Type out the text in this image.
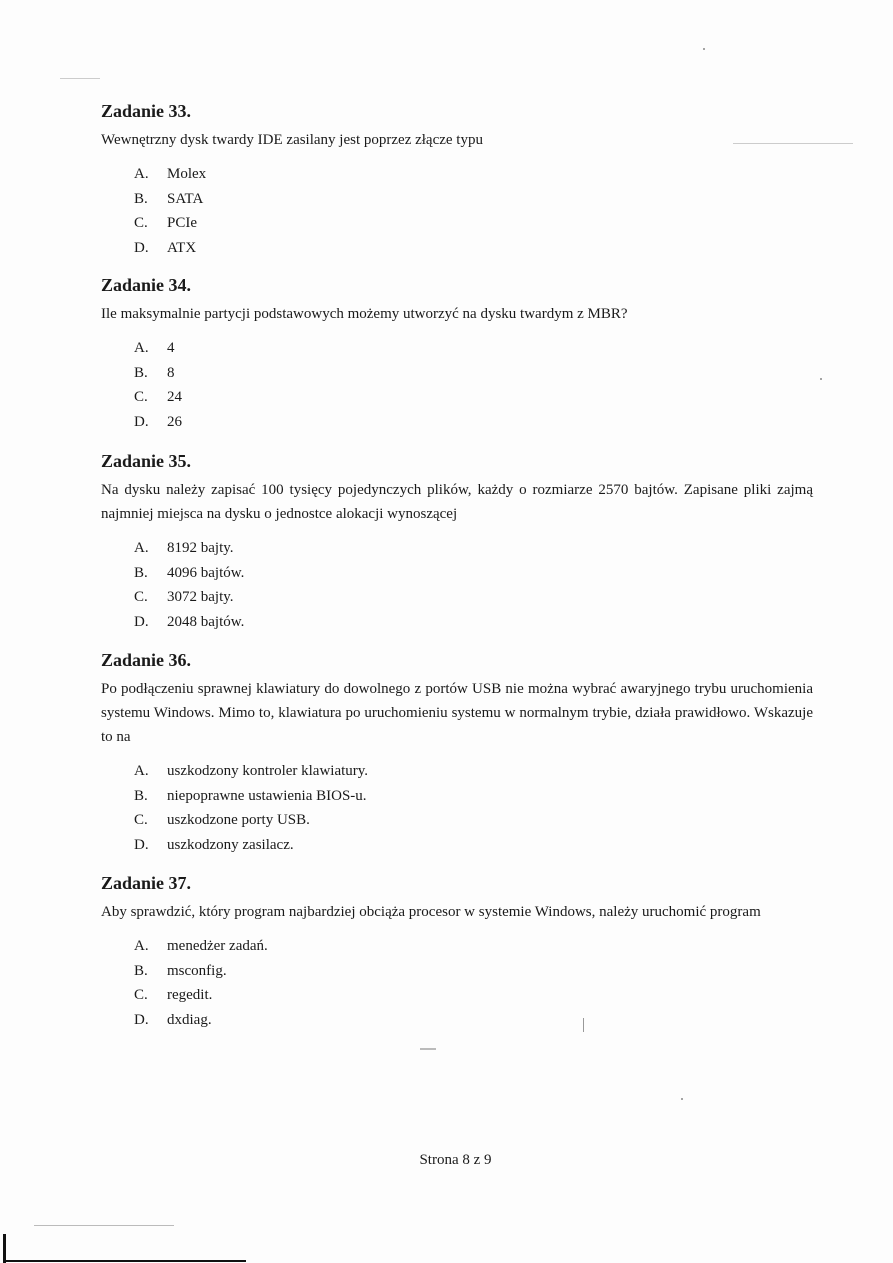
Zadanie 33.
Wewnętrzny dysk twardy IDE zasilany jest poprzez złącze typu
A.	Molex
B.	SATA
C.	PCIe
D.	ATX
Zadanie 34.
Ile maksymalnie partycji podstawowych możemy utworzyć na dysku twardym z MBR?
A.	4
B.	8
C.	24
D.	26
Zadanie 35.
Na dysku należy zapisać 100 tysięcy pojedynczych plików, każdy o rozmiarze 2570 bajtów. Zapisane pliki zajmą najmniej miejsca na dysku o jednostce alokacji wynoszącej
A.	8192 bajty.
B.	4096 bajtów.
C.	3072 bajty.
D.	2048 bajtów.
Zadanie 36.
Po podłączeniu sprawnej klawiatury do dowolnego z portów USB nie można wybrać awaryjnego trybu uruchomienia systemu Windows. Mimo to, klawiatura po uruchomieniu systemu w normalnym trybie, działa prawidłowo. Wskazuje to na
A.	uszkodzony kontroler klawiatury.
B.	niepoprawne ustawienia BIOS-u.
C.	uszkodzone porty USB.
D.	uszkodzony zasilacz.
Zadanie 37.
Aby sprawdzić, który program najbardziej obciąża procesor w systemie Windows, należy uruchomić program
A.	menedżer zadań.
B.	msconfig.
C.	regedit.
D.	dxdiag.
Strona 8 z 9
